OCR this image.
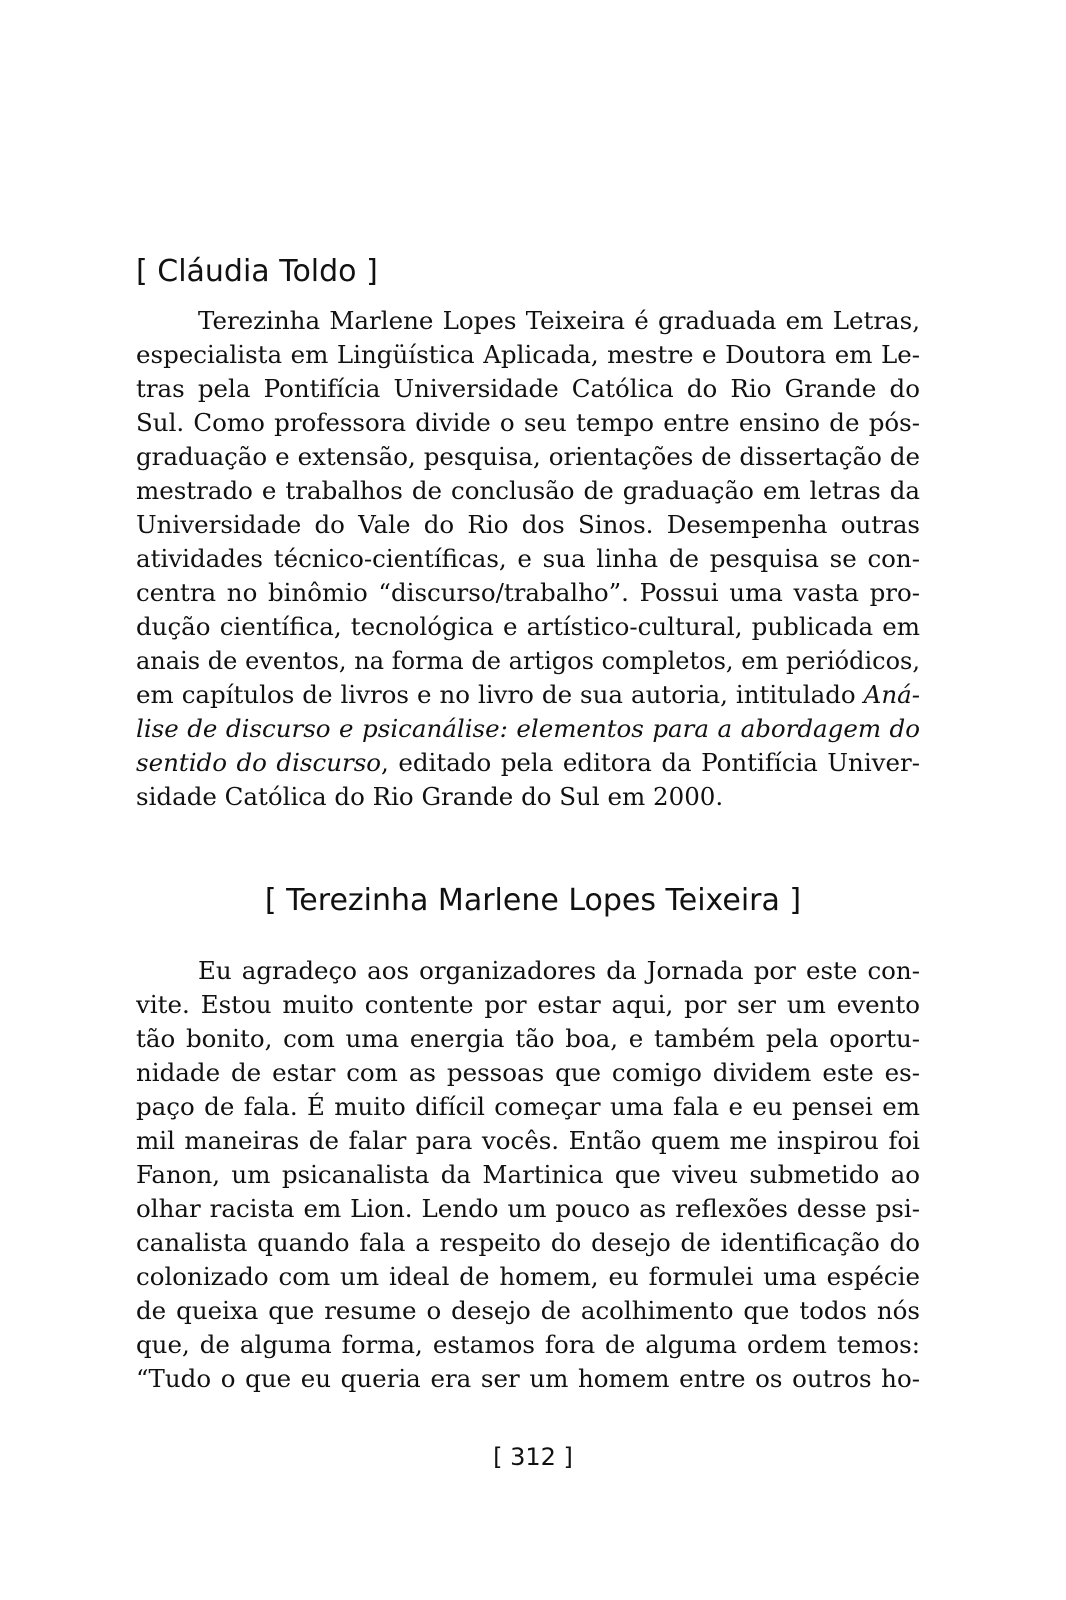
[ Cláudia Toldo ]
Terezinha Marlene Lopes Teixeira é graduada em Letras,
especialista em Lingüística Aplicada, mestre e Doutora em Le-
tras pela Pontifícia Universidade Católica do Rio Grande do
Sul. Como professora divide o seu tempo entre ensino de pós-
graduação e extensão, pesquisa, orientações de dissertação de
mestrado e trabalhos de conclusão de graduação em letras da
Universidade do Vale do Rio dos Sinos. Desempenha outras
atividades técnico-científicas, e sua linha de pesquisa se con-
centra no binômio “discurso/trabalho”. Possui uma vasta pro-
dução científica, tecnológica e artístico-cultural, publicada em
anais de eventos, na forma de artigos completos, em periódicos,
em capítulos de livros e no livro de sua autoria, intitulado Aná-
lise de discurso e psicanálise: elementos para a abordagem do
sentido do discurso, editado pela editora da Pontifícia Univer-
sidade Católica do Rio Grande do Sul em 2000.
[ Terezinha Marlene Lopes Teixeira ]
Eu agradeço aos organizadores da Jornada por este con-
vite. Estou muito contente por estar aqui, por ser um evento
tão bonito, com uma energia tão boa, e também pela oportu-
nidade de estar com as pessoas que comigo dividem este es-
paço de fala. É muito difícil começar uma fala e eu pensei em
mil maneiras de falar para vocês. Então quem me inspirou foi
Fanon, um psicanalista da Martinica que viveu submetido ao
olhar racista em Lion. Lendo um pouco as reflexões desse psi-
canalista quando fala a respeito do desejo de identificação do
colonizado com um ideal de homem, eu formulei uma espécie
de queixa que resume o desejo de acolhimento que todos nós
que, de alguma forma, estamos fora de alguma ordem temos:
“Tudo o que eu queria era ser um homem entre os outros ho-
[ 312 ]
